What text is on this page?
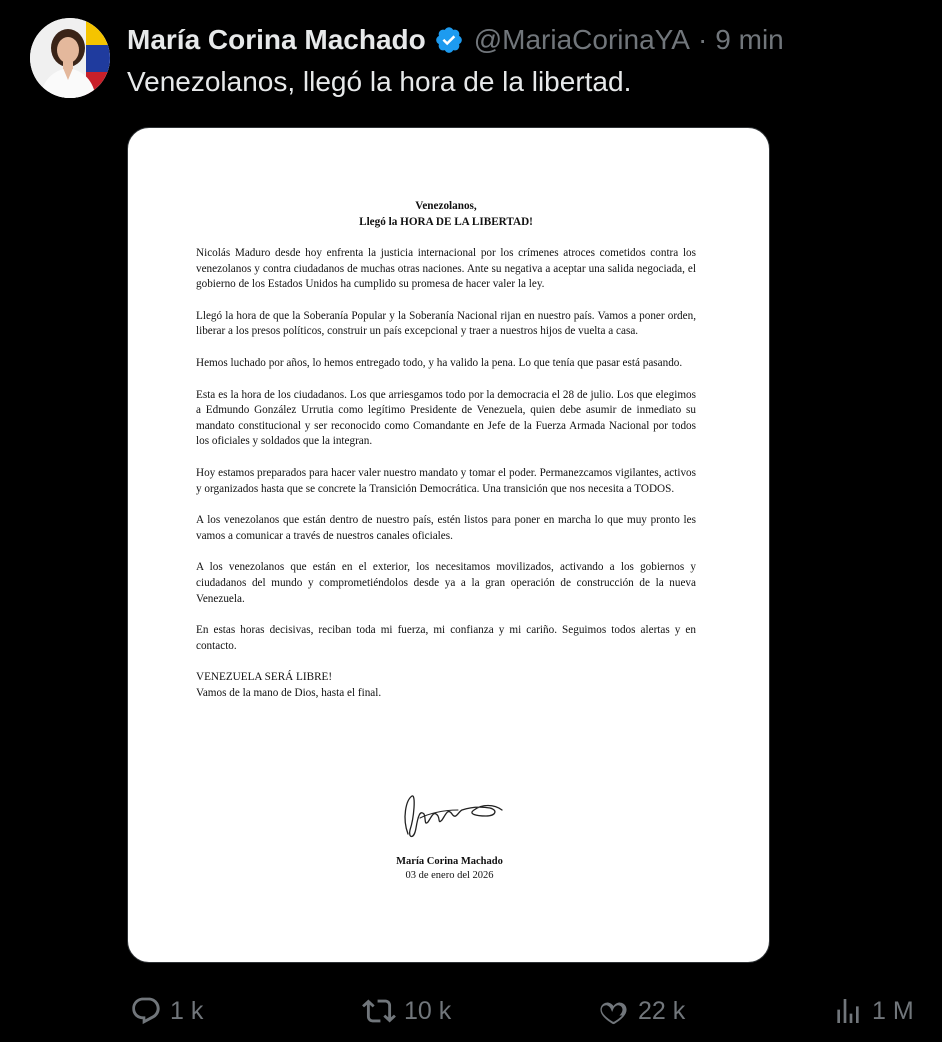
María Corina Machado @MariaCorinaYA · 9 min
Venezolanos, llegó la hora de la libertad.
Venezolanos,
Llegó la HORA DE LA LIBERTAD!

Nicolás Maduro desde hoy enfrenta la justicia internacional por los crímenes atroces cometidos contra los venezolanos y contra ciudadanos de muchas otras naciones. Ante su negativa a aceptar una salida negociada, el gobierno de los Estados Unidos ha cumplido su promesa de hacer valer la ley.

Llegó la hora de que la Soberanía Popular y la Soberanía Nacional rijan en nuestro país. Vamos a poner orden, liberar a los presos políticos, construir un país excepcional y traer a nuestros hijos de vuelta a casa.

Hemos luchado por años, lo hemos entregado todo, y ha valido la pena. Lo que tenía que pasar está pasando.

Esta es la hora de los ciudadanos. Los que arriesgamos todo por la democracia el 28 de julio. Los que elegimos a Edmundo González Urrutia como legítimo Presidente de Venezuela, quien debe asumir de inmediato su mandato constitucional y ser reconocido como Comandante en Jefe de la Fuerza Armada Nacional por todos los oficiales y soldados que la integran.

Hoy estamos preparados para hacer valer nuestro mandato y tomar el poder. Permanezcamos vigilantes, activos y organizados hasta que se concrete la Transición Democrática. Una transición que nos necesita a TODOS.

A los venezolanos que están dentro de nuestro país, estén listos para poner en marcha lo que muy pronto les vamos a comunicar a través de nuestros canales oficiales.

A los venezolanos que están en el exterior, los necesitamos movilizados, activando a los gobiernos y ciudadanos del mundo y comprometiéndolos desde ya a la gran operación de construcción de la nueva Venezuela.

En estas horas decisivas, reciban toda mi fuerza, mi confianza y mi cariño. Seguimos todos alertas y en contacto.

VENEZUELA SERÁ LIBRE!
Vamos de la mano de Dios, hasta el final.
María Corina Machado
03 de enero del 2026
1 k	10 k	22 k	1 M
